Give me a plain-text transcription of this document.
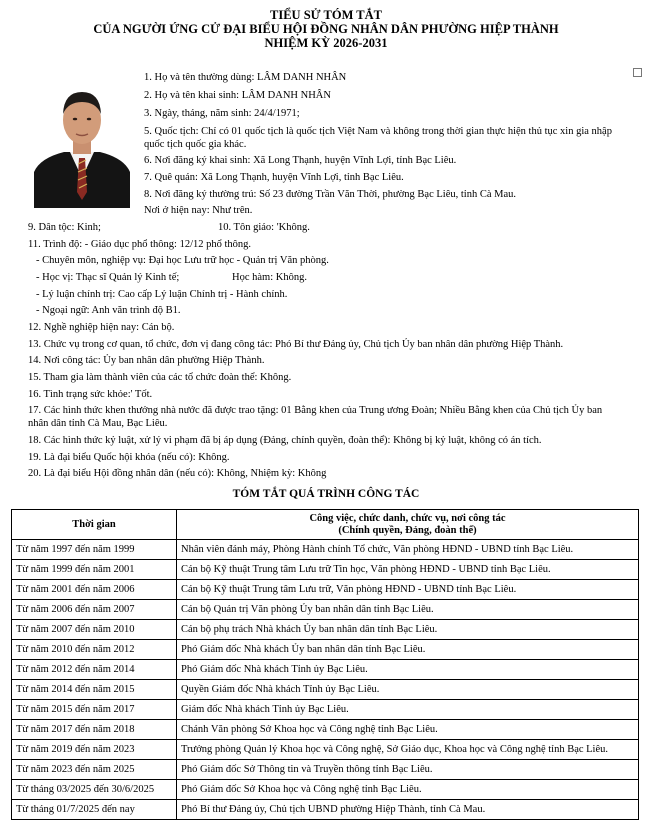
TIỂU SỬ TÓM TẮT
CỦA NGƯỜI ỨNG CỬ ĐẠI BIỂU HỘI ĐỒNG NHÂN DÂN PHƯỜNG HIỆP THÀNH
NHIỆM KỲ 2026-2031
1. Họ và tên thường dùng: LÂM DANH NHÂN
2. Họ và tên khai sinh: LÂM DANH NHÂN
3. Ngày, tháng, năm sinh: 24/4/1971;
5. Quốc tịch: Chỉ có 01 quốc tịch là quốc tịch Việt Nam và không trong thời gian thực hiện thủ tục xin gia nhập
quốc tịch quốc gia khác.
6. Nơi đăng ký khai sinh: Xã Long Thạnh, huyện Vĩnh Lợi, tỉnh Bạc Liêu.
7. Quê quán: Xã Long Thạnh, huyện Vĩnh Lợi, tỉnh Bạc Liêu.
8. Nơi đăng ký thường trú: Số 23 đường Trần Văn Thời, phường Bạc Liêu, tỉnh Cà Mau.
Nơi ở hiện nay: Như trên.
9. Dân tộc: Kinh;	10. Tôn giáo: 'Không.
11. Trình độ: - Giáo dục phổ thông: 12/12 phổ thông.
- Chuyên môn, nghiệp vụ: Đại học Lưu trữ học - Quản trị Văn phòng.
- Học vị: Thạc sĩ Quản lý Kinh tế;	Học hàm: Không.
- Lý luận chính trị: Cao cấp Lý luận Chính trị - Hành chính.
- Ngoại ngữ: Anh văn trình độ B1.
12. Nghề nghiệp hiện nay: Cán bộ.
13. Chức vụ trong cơ quan, tổ chức, đơn vị đang công tác: Phó Bí thư Đảng ủy, Chủ tịch Ủy ban nhân dân phường Hiệp Thành.
14. Nơi công tác: Ủy ban nhân dân phường Hiệp Thành.
15. Tham gia làm thành viên của các tổ chức đoàn thể: Không.
16. Tình trạng sức khỏe:' Tốt.
17. Các hình thức khen thưởng nhà nước đã được trao tặng: 01 Bằng khen của Trung ương Đoàn; Nhiều Bằng khen của Chủ tịch Ủy ban
nhân dân tỉnh Cà Mau, Bạc Liêu.
18. Các hình thức kỷ luật, xử lý vi phạm đã bị áp dụng (Đảng, chính quyền, đoàn thể): Không bị kỷ luật, không có án tích.
19. Là đại biểu Quốc hội khóa (nếu có): Không.
20. Là đại biểu Hội đồng nhân dân (nếu có): Không, Nhiệm kỳ: Không
TÓM TẮT QUÁ TRÌNH CÔNG TÁC
Thời gian	Công việc, chức danh, chức vụ, nơi công tác
(Chính quyền, Đảng, đoàn thể)

Từ năm 1997 đến năm 1999	Nhân viên đánh máy, Phòng Hành chính Tổ chức, Văn phòng HĐND - UBND tỉnh Bạc Liêu.
Từ năm 1999 đến năm 2001	Cán bộ Kỹ thuật Trung tâm Lưu trữ Tin học, Văn phòng HĐND - UBND tỉnh Bạc Liêu.
Từ năm 2001 đến năm 2006	Cán bộ Kỹ thuật Trung tâm Lưu trữ, Văn phòng HĐND - UBND tỉnh Bạc Liêu.
Từ năm 2006 đến năm 2007	Cán bộ Quản trị Văn phòng Ủy ban nhân dân tỉnh Bạc Liêu.
Từ năm 2007 đến năm 2010	Cán bộ phụ trách Nhà khách Ủy ban nhân dân tỉnh Bạc Liêu.
Từ năm 2010 đến năm 2012	Phó Giám đốc Nhà khách Ủy ban nhân dân tỉnh Bạc Liêu.
Từ năm 2012 đến năm 2014	Phó Giám đốc Nhà khách Tỉnh ủy Bạc Liêu.
Từ năm 2014 đến năm 2015	Quyền Giám đốc Nhà khách Tỉnh ủy Bạc Liêu.
Từ năm 2015 đến năm 2017	Giám đốc Nhà khách Tỉnh ủy Bạc Liêu.
Từ năm 2017 đến năm 2018	Chánh Văn phòng Sở Khoa học và Công nghệ tỉnh Bạc Liêu.
Từ năm 2019 đến năm 2023	Trưởng phòng Quản lý Khoa học và Công nghệ, Sở Giáo dục, Khoa học và Công nghệ tỉnh Bạc Liêu.
Từ năm 2023 đến năm 2025	Phó Giám đốc Sở Thông tin và Truyền thông tỉnh Bạc Liêu.
Từ tháng 03/2025 đến 30/6/2025	Phó Giám đốc Sở Khoa học và Công nghệ tỉnh Bạc Liêu.
Từ tháng 01/7/2025 đến nay	Phó Bí thư Đảng ủy, Chủ tịch UBND phường Hiệp Thành, tỉnh Cà Mau.
